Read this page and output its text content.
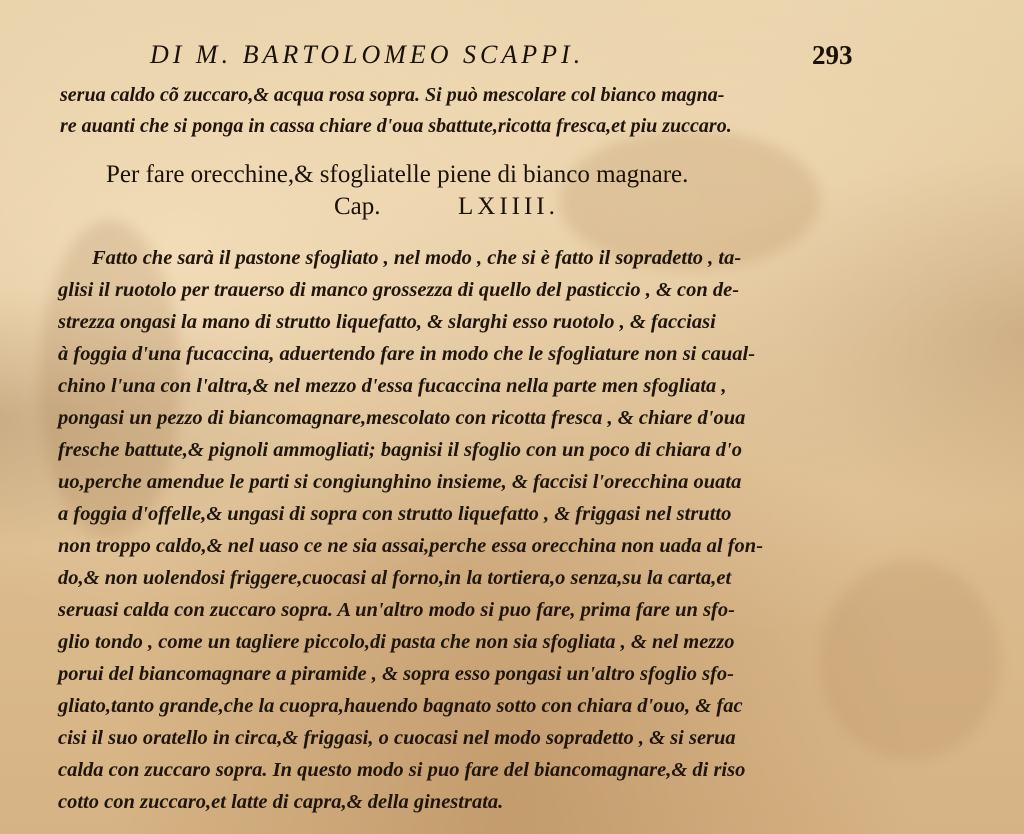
DI M. BARTOLOMEO SCAPPI.	293
serua caldo cõ zuccaro,& acqua rosa sopra. Si può mescolare col bianco magna-
re auanti che si ponga in cassa chiare d'oua sbattute,ricotta fresca,et piu zuccaro.
Per fare orecchine,& sfogliatelle piene di bianco magnare.
Cap.	LXIIII.
Fatto che sarà il pastone sfogliato , nel modo , che si è fatto il sopradetto , ta-
glisi il ruotolo per trauerso di manco grossezza di quello del pasticcio , & con de-
strezza ongasi la mano di strutto liquefatto, & slarghi esso ruotolo , & facciasi
à foggia d'una fucaccina, aduertendo fare in modo che le sfogliature non si caual-
chino l'una con l'altra,& nel mezzo d'essa fucaccina nella parte men sfogliata ,
pongasi un pezzo di biancomagnare,mescolato con ricotta fresca , & chiare d'oua
fresche battute,& pignoli ammogliati; bagnisi il sfoglio con un poco di chiara d'o
uo,perche amendue le parti si congiunghino insieme, & faccisi l'orecchina ouata
a foggia d'offelle,& ungasi di sopra con strutto liquefatto , & friggasi nel strutto
non troppo caldo,& nel uaso ce ne sia assai,perche essa orecchina non uada al fon-
do,& non uolendosi friggere,cuocasi al forno,in la tortiera,o senza,su la carta,et
seruasi calda con zuccaro sopra. A un'altro modo si puo fare, prima fare un sfo-
glio tondo , come un tagliere piccolo,di pasta che non sia sfogliata , & nel mezzo
porui del biancomagnare a piramide , & sopra esso pongasi un'altro sfoglio sfo-
gliato,tanto grande,che la cuopra,hauendo bagnato sotto con chiara d'ouo, & fac
cisi il suo oratello in circa,& friggasi, o cuocasi nel modo sopradetto , & si serua
calda con zuccaro sopra. In questo modo si puo fare del biancomagnare,& di riso
cotto con zuccaro,et latte di capra,& della ginestrata.
